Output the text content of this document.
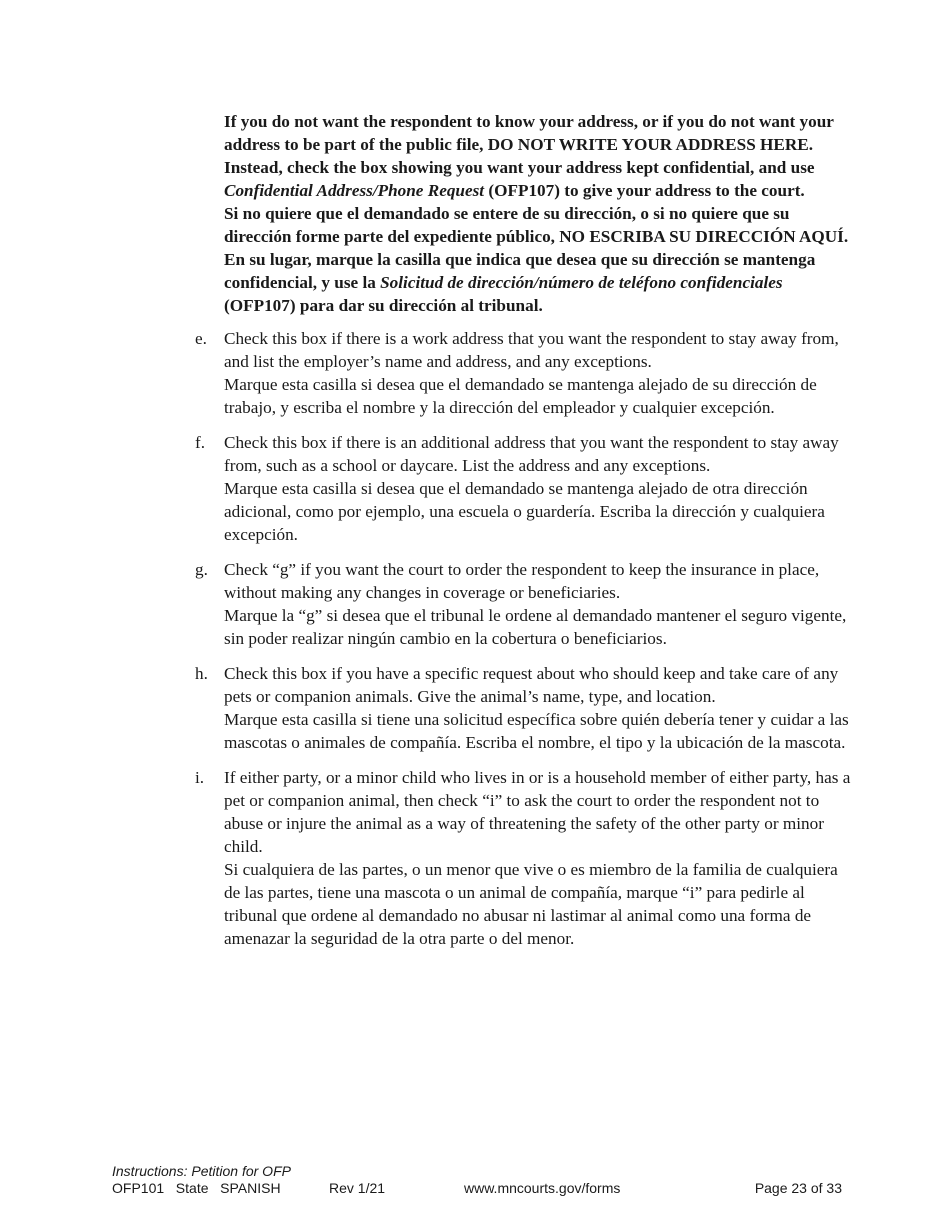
If you do not want the respondent to know your address, or if you do not want your address to be part of the public file, DO NOT WRITE YOUR ADDRESS HERE. Instead, check the box showing you want your address kept confidential, and use Confidential Address/Phone Request (OFP107) to give your address to the court.

Si no quiere que el demandado se entere de su dirección, o si no quiere que su dirección forme parte del expediente público, NO ESCRIBA SU DIRECCIÓN AQUÍ. En su lugar, marque la casilla que indica que desea que su dirección se mantenga confidencial, y use la Solicitud de dirección/número de teléfono confidenciales (OFP107) para dar su dirección al tribunal.

e. Check this box if there is a work address that you want the respondent to stay away from, and list the employer’s name and address, and any exceptions.

Marque esta casilla si desea que el demandado se mantenga alejado de su dirección de trabajo, y escriba el nombre y la dirección del empleador y cualquier excepción.

f.	Check this box if there is an additional address that you want the respondent to stay away from, such as a school or daycare. List the address and any exceptions.

Marque esta casilla si desea que el demandado se mantenga alejado de otra dirección adicional, como por ejemplo, una escuela o guardería. Escriba la dirección y cualquiera excepción.

g. Check “g” if you want the court to order the respondent to keep the insurance in place, without making any changes in coverage or beneficiaries.

Marque la “g” si desea que el tribunal le ordene al demandado mantener el seguro vigente, sin poder realizar ningún cambio en la cobertura o beneficiarios.

h. Check this box if you have a specific request about who should keep and take care of any pets or companion animals. Give the animal’s name, type, and location.

Marque esta casilla si tiene una solicitud específica sobre quién debería tener y cuidar a las mascotas o animales de compañía. Escriba el nombre, el tipo y la ubicación de la mascota.

i.	If either party, or a minor child who lives in or is a household member of either party, has a pet or companion animal, then check “i” to ask the court to order the respondent not to abuse or injure the animal as a way of threatening the safety of the other party or minor child.

Si cualquiera de las partes, o un menor que vive o es miembro de la familia de cualquiera de las partes, tiene una mascota o un animal de compañía, marque “i” para pedirle al tribunal que ordene al demandado no abusar ni lastimar al animal como una forma de amenazar la seguridad de la otra parte o del menor.

Instructions: Petition for OFP
OFP101   State   SPANISH	Rev 1/21	www.mncourts.gov/forms	Page 23 of 33
